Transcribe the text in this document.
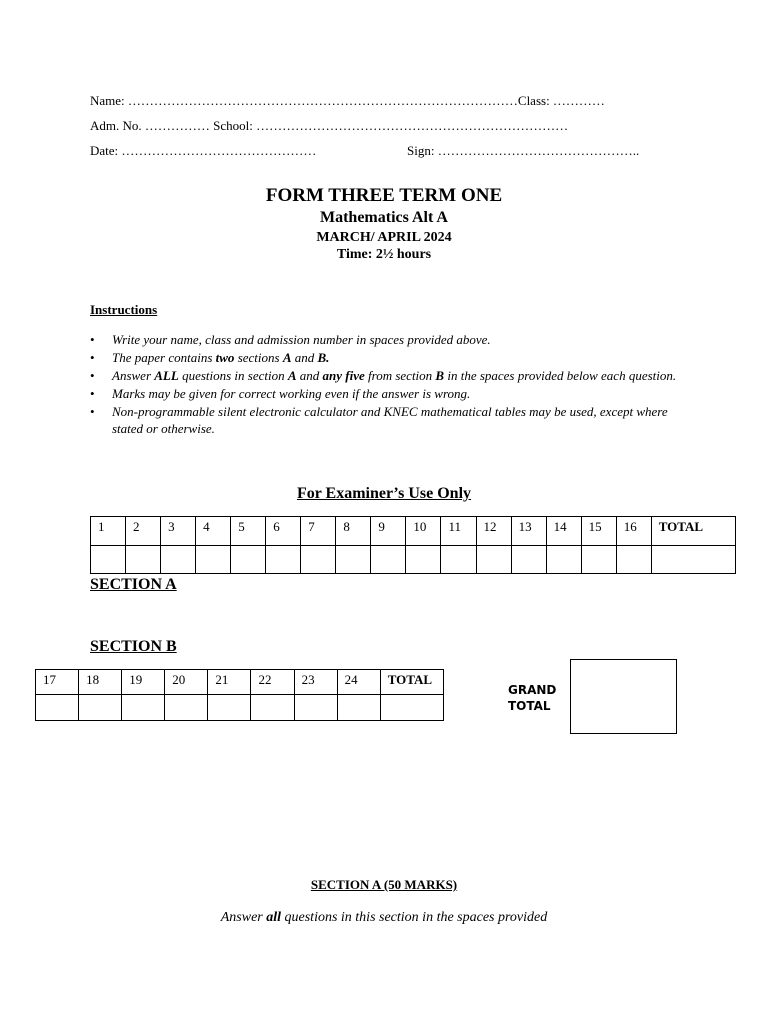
Name: ………………………………………………………………………………Class: …………
Adm. No. …………… School: ………………………………………………………………
Date: ………………………………………	Sign: ………………………………………..
FORM THREE TERM ONE
Mathematics Alt A
MARCH/ APRIL 2024
Time: 2½ hours
Instructions
• Write your name, class and admission number in spaces provided above.
• The paper contains two sections A and B.
• Answer ALL questions in section A and any five from section B in the spaces provided below each question.
• Marks may be given for correct working even if the answer is wrong.
• Non-programmable silent electronic calculator and KNEC mathematical tables may be used, except where stated or otherwise.
For Examiner’s Use Only
1	2	3	4	5	6	7	8	9	10	11	12	13	14	15	16	TOTAL

SECTION A
SECTION B
17	18	19	20	21	22	23	24	TOTAL

GRAND
TOTAL
SECTION A (50 MARKS)
Answer all questions in this section in the spaces provided
